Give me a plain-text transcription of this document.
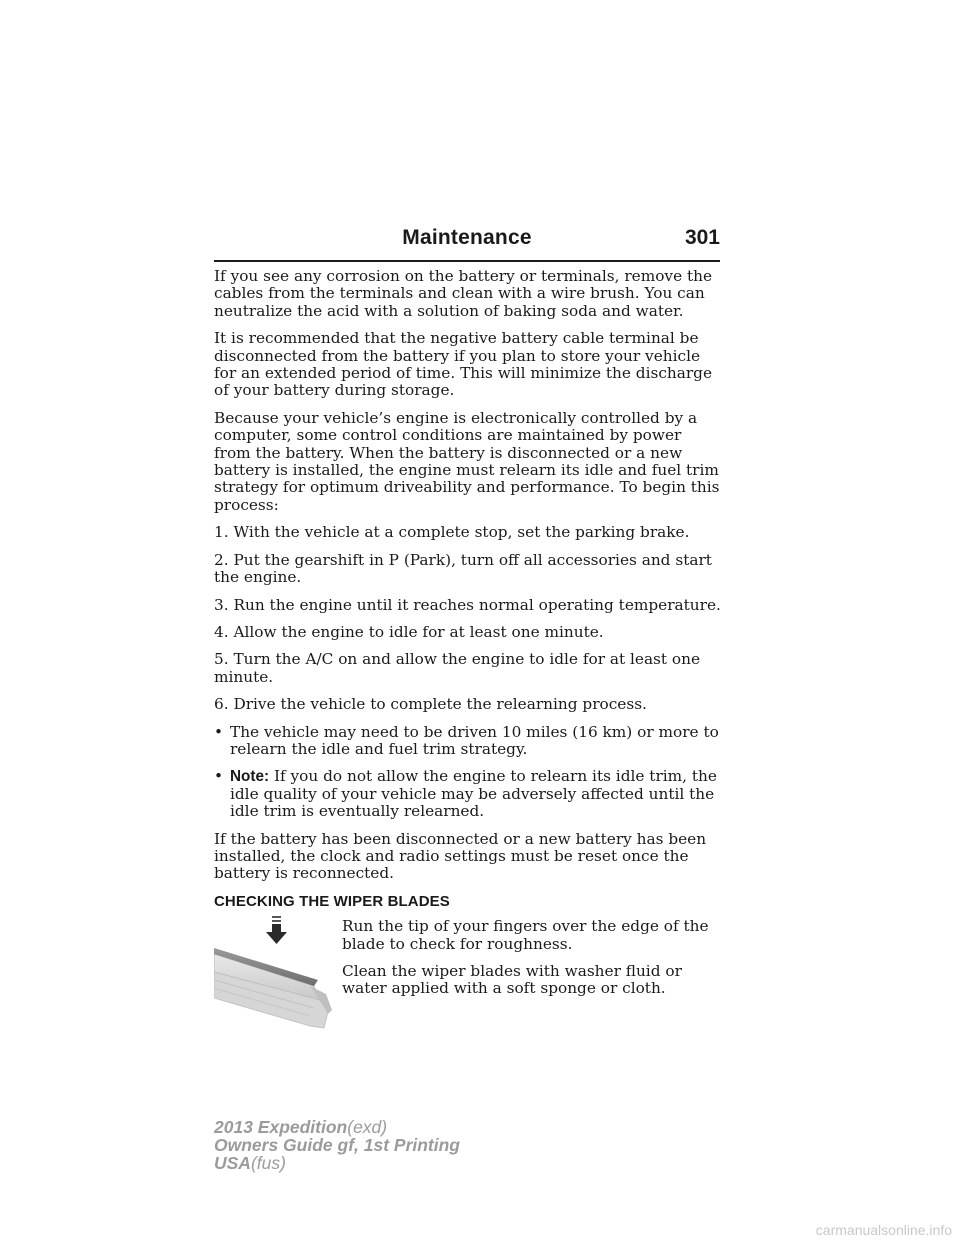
Maintenance	301

If you see any corrosion on the battery or terminals, remove the cables from the terminals and clean with a wire brush. You can neutralize the acid with a solution of baking soda and water.

It is recommended that the negative battery cable terminal be disconnected from the battery if you plan to store your vehicle for an extended period of time. This will minimize the discharge of your battery during storage.

Because your vehicle’s engine is electronically controlled by a computer, some control conditions are maintained by power from the battery. When the battery is disconnected or a new battery is installed, the engine must relearn its idle and fuel trim strategy for optimum driveability and performance. To begin this process:

1. With the vehicle at a complete stop, set the parking brake.

2. Put the gearshift in P (Park), turn off all accessories and start the engine.

3. Run the engine until it reaches normal operating temperature.

4. Allow the engine to idle for at least one minute.

5. Turn the A/C on and allow the engine to idle for at least one minute.

6. Drive the vehicle to complete the relearning process.

• The vehicle may need to be driven 10 miles (16 km) or more to relearn the idle and fuel trim strategy.
• Note: If you do not allow the engine to relearn its idle trim, the idle quality of your vehicle may be adversely affected until the idle trim is eventually relearned.

If the battery has been disconnected or a new battery has been installed, the clock and radio settings must be reset once the battery is reconnected.

CHECKING THE WIPER BLADES

Run the tip of your fingers over the edge of the blade to check for roughness.

Clean the wiper blades with washer fluid or water applied with a soft sponge or cloth.

2013 Expedition(exd)
Owners Guide gf, 1st Printing
USA(fus)
carmanualsonline.info
